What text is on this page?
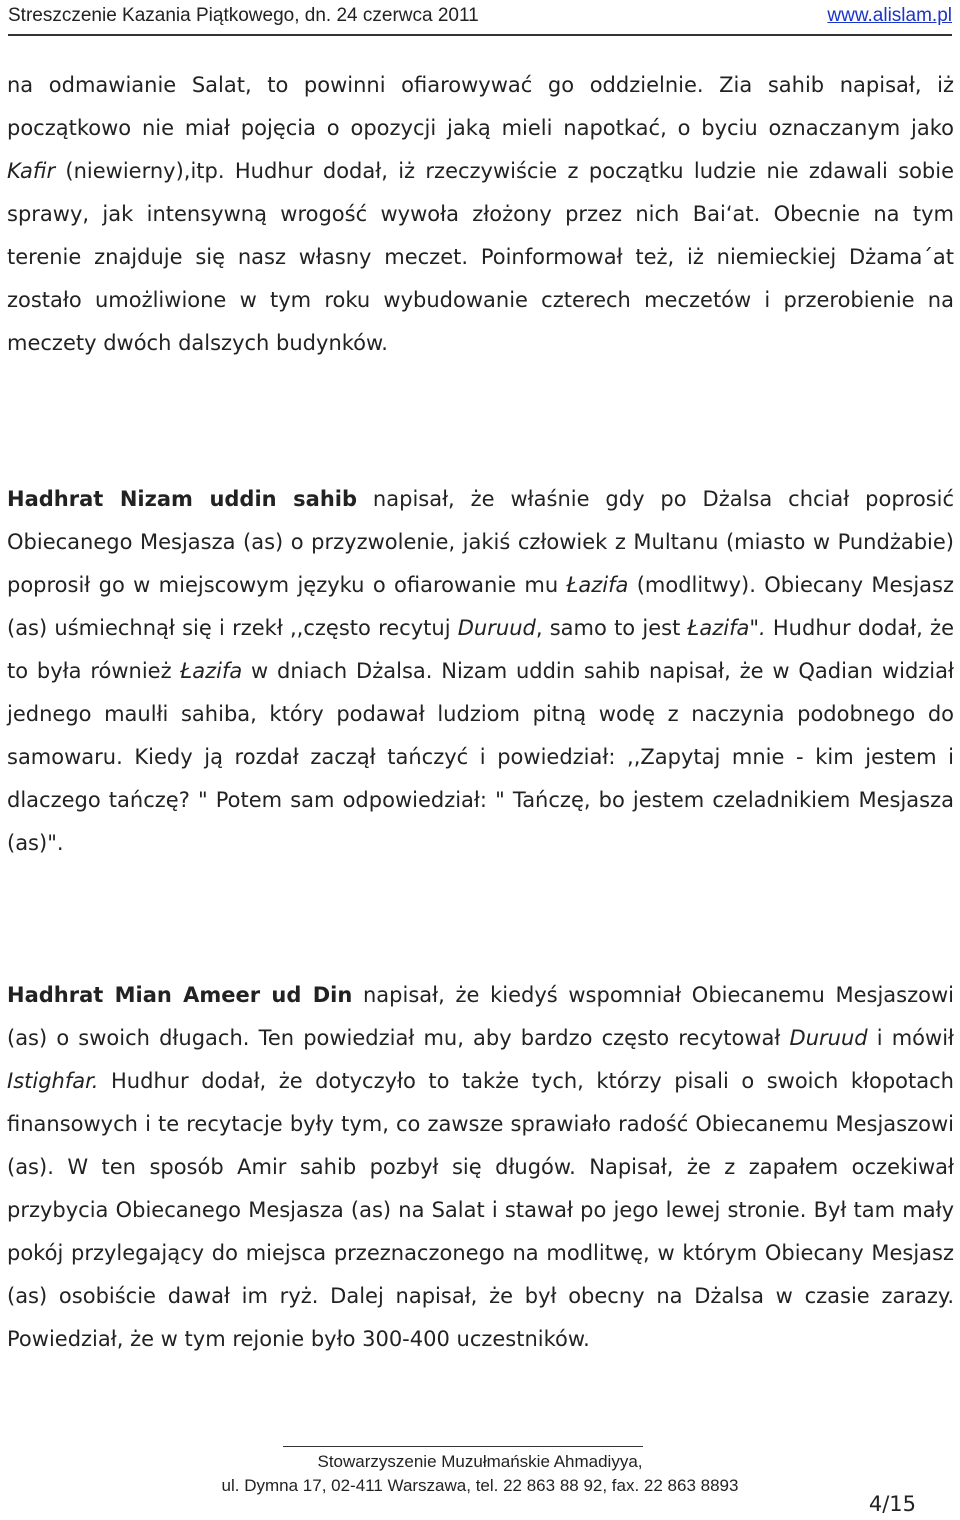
Streszczenie Kazania Piątkowego, dn. 24 czerwca 2011	www.alislam.pl

na odmawianie Salat, to powinni ofiarowywać go oddzielnie. Zia sahib napisał, iż początkowo nie miał pojęcia o opozycji jaką mieli napotkać, o byciu oznaczanym jako Kafir (niewierny),itp. Hudhur dodał, iż rzeczywiście z początku ludzie nie zdawali sobie sprawy, jak intensywną wrogość wywoła złożony przez nich Bai‘at. Obecnie na tym terenie znajduje się nasz własny meczet. Poinformował też, iż niemieckiej Dżama´at zostało umożliwione w tym roku wybudowanie czterech meczetów i przerobienie na meczety dwóch dalszych budynków.

Hadhrat Nizam uddin sahib napisał, że właśnie gdy po Dżalsa chciał poprosić Obiecanego Mesjasza (as) o przyzwolenie, jakiś człowiek z Multanu (miasto w Pundżabie) poprosił go w miejscowym języku o ofiarowanie mu Łazifa (modlitwy). Obiecany Mesjasz (as) uśmiechnął się i rzekł ,,często recytuj Duruud, samo to jest Łazifa". Hudhur dodał, że to była również Łazifa w dniach Dżalsa. Nizam uddin sahib napisał, że w Qadian widział jednego maulłi sahiba, który podawał ludziom pitną wodę z naczynia podobnego do samowaru. Kiedy ją rozdał zaczął tańczyć i powiedział: ,,Zapytaj mnie - kim jestem i dlaczego tańczę? " Potem sam odpowiedział: " Tańczę, bo jestem czeladnikiem Mesjasza (as)".

Hadhrat Mian Ameer ud Din napisał, że kiedyś wspomniał Obiecanemu Mesjaszowi (as) o swoich długach. Ten powiedział mu, aby bardzo często recytował Duruud i mówił Istighfar. Hudhur dodał, że dotyczyło to także tych, którzy pisali o swoich kłopotach finansowych i te recytacje były tym, co zawsze sprawiało radość Obiecanemu Mesjaszowi (as). W ten sposób Amir sahib pozbył się długów. Napisał, że z zapałem oczekiwał przybycia Obiecanego Mesjasza (as) na Salat i stawał po jego lewej stronie. Był tam mały pokój przylegający do miejsca przeznaczonego na modlitwę, w którym Obiecany Mesjasz (as) osobiście dawał im ryż. Dalej napisał, że był obecny na Dżalsa w czasie zarazy. Powiedział, że w tym rejonie było 300-400 uczestników.

Stowarzyszenie Muzułmańskie Ahmadiyya,
ul. Dymna 17, 02-411 Warszawa, tel. 22 863 88 92, fax. 22 863 8893
4/15
